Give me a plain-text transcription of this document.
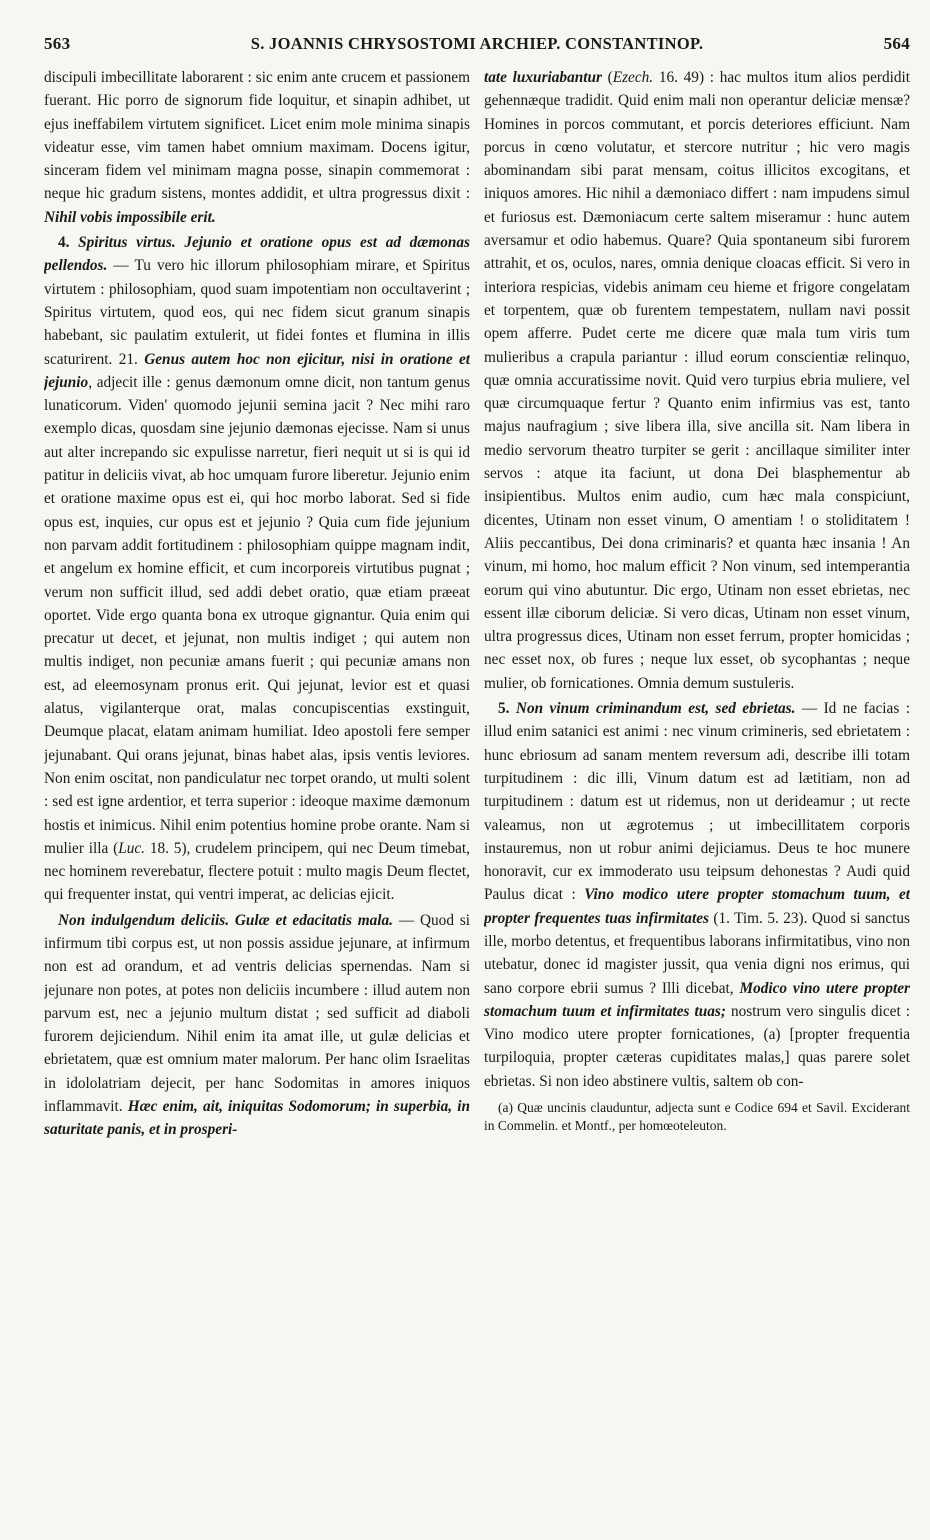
563	S. JOANNIS CHRYSOSTOMI ARCHIEP. CONSTANTINOP.	564

discipuli imbecillitate laborarent : sic enim ante crucem et passionem fuerant. Hic porro de signorum fide loquitur, et sinapin adhibet, ut ejus ineffabilem virtutem significet. Licet enim mole minima sinapis videatur esse, vim tamen habet omnium maximam. Docens igitur, sinceram fidem vel minimam magna posse, sinapin commemorat : neque hic gradum sistens, montes addidit, et ultra progressus dixit : Nihil vobis impossibile erit.

4. Spiritus virtus. Jejunio et oratione opus est ad dæmonas pellendos. — Tu vero hic illorum philosophiam mirare, et Spiritus virtutem : philosophiam, quod suam impotentiam non occultaverint ; Spiritus virtutem, quod eos, qui nec fidem sicut granum sinapis habebant, sic paulatim extulerit, ut fidei fontes et flumina in illis scaturirent. 21. Genus autem hoc non ejicitur, nisi in oratione et jejunio, adjecit ille : genus dæmonum omne dicit, non tantum genus lunaticorum. Viden' quomodo jejunii semina jacit ? Nec mihi raro exemplo dicas, quosdam sine jejunio dæmonas ejecisse. Nam si unus aut alter increpando sic expulisse narretur, fieri nequit ut si is qui id patitur in deliciis vivat, ab hoc umquam furore liberetur. Jejunio enim et oratione maxime opus est ei, qui hoc morbo laborat. Sed si fide opus est, inquies, cur opus est et jejunio ? Quia cum fide jejunium non parvam addit fortitudinem : philosophiam quippe magnam indit, et angelum ex homine efficit, et cum incorporeis virtutibus pugnat ; verum non sufficit illud, sed addi debet oratio, quæ etiam præeat oportet. Vide ergo quanta bona ex utroque gignantur. Quia enim qui precatur ut decet, et jejunat, non multis indiget ; qui autem non multis indiget, non pecuniæ amans fuerit ; qui pecuniæ amans non est, ad eleemosynam pronus erit. Qui jejunat, levior est et quasi alatus, vigilanterque orat, malas concupiscentias exstinguit, Deumque placat, elatam animam humiliat. Ideo apostoli fere semper jejunabant. Qui orans jejunat, binas habet alas, ipsis ventis leviores. Non enim oscitat, non pandiculatur nec torpet orando, ut multi solent : sed est igne ardentior, et terra superior : ideoque maxime dæmonum hostis et inimicus. Nihil enim potentius homine probe orante. Nam si mulier illa (Luc. 18. 5), crudelem principem, qui nec Deum timebat, nec hominem reverebatur, flectere potuit : multo magis Deum flectet, qui frequenter instat, qui ventri imperat, ac delicias ejicit.

Non indulgendum deliciis. Gulæ et edacitatis mala. — Quod si infirmum tibi corpus est, ut non possis assidue jejunare, at infirmum non est ad orandum, et ad ventris delicias spernendas. Nam si jejunare non potes, at potes non deliciis incumbere : illud autem non parvum est, nec a jejunio multum distat ; sed sufficit ad diaboli furorem dejiciendum. Nihil enim ita amat ille, ut gulæ delicias et ebrietatem, quæ est omnium mater malorum. Per hanc olim Israelitas in idololatriam dejecit, per hanc Sodomitas in amores iniquos inflammavit. Hæc enim, ait, iniquitas Sodomorum; in superbia, in saturitate panis, et in prosperi-

tate luxuriabantur (Ezech. 16. 49) : hac multos itum alios perdidit gehennæque tradidit. Quid enim mali non operantur deliciæ mensæ? Homines in porcos commutant, et porcis deteriores efficiunt. Nam porcus in cœno volutatur, et stercore nutritur ; hic vero magis abominandam sibi parat mensam, coitus illicitos excogitans, et iniquos amores. Hic nihil a dæmoniaco differt : nam impudens simul et furiosus est. Dæmoniacum certe saltem miseramur : hunc autem aversamur et odio habemus. Quare? Quia spontaneum sibi furorem attrahit, et os, oculos, nares, omnia denique cloacas efficit. Si vero in interiora respicias, videbis animam ceu hieme et frigore congelatam et torpentem, quæ ob furentem tempestatem, nullam navi possit opem afferre. Pudet certe me dicere quæ mala tum viris tum mulieribus a crapula pariantur : illud eorum conscientiæ relinquo, quæ omnia accuratissime novit. Quid vero turpius ebria muliere, vel quæ circumquaque fertur ? Quanto enim infirmius vas est, tanto majus naufragium ; sive libera illa, sive ancilla sit. Nam libera in medio servorum theatro turpiter se gerit : ancillaque similiter inter servos : atque ita faciunt, ut dona Dei blasphementur ab insipientibus. Multos enim audio, cum hæc mala conspiciunt, dicentes, Utinam non esset vinum, O amentiam ! o stoliditatem ! Aliis peccantibus, Dei dona criminaris? et quanta hæc insania ! An vinum, mi homo, hoc malum efficit ? Non vinum, sed intemperantia eorum qui vino abutuntur. Dic ergo, Utinam non esset ebrietas, nec essent illæ ciborum deliciæ. Si vero dicas, Utinam non esset vinum, ultra progressus dices, Utinam non esset ferrum, propter homicidas ; nec esset nox, ob fures ; neque lux esset, ob sycophantas ; neque mulier, ob fornicationes. Omnia demum sustuleris.

5. Non vinum criminandum est, sed ebrietas. — Id ne facias : illud enim satanici est animi : nec vinum crimineris, sed ebrietatem : hunc ebriosum ad sanam mentem reversum adi, describe illi totam turpitudinem : dic illi, Vinum datum est ad lætitiam, non ad turpitudinem : datum est ut ridemus, non ut derideamur ; ut recte valeamus, non ut ægrotemus ; ut imbecillitatem corporis instauremus, non ut robur animi dejiciamus. Deus te hoc munere honoravit, cur ex immoderato usu teipsum dehonestas ? Audi quid Paulus dicat : Vino modico utere propter stomachum tuum, et propter frequentes tuas infirmitates (1. Tim. 5. 23). Quod si sanctus ille, morbo detentus, et frequentibus laborans infirmitatibus, vino non utebatur, donec id magister jussit, qua venia digni nos erimus, qui sano corpore ebrii sumus ? Illi dicebat, Modico vino utere propter stomachum tuum et infirmitates tuas; nostrum vero singulis dicet : Vino modico utere propter fornicationes, (a) [propter frequentia turpiloquia, propter cæteras cupiditates malas,] quas parere solet ebrietas. Si non ideo abstinere vultis, saltem ob con-

(a) Quæ uncinis clauduntur, adjecta sunt e Codice 694 et Savil. Exciderant in Commelin. et Montf., per homœoteleuton.
